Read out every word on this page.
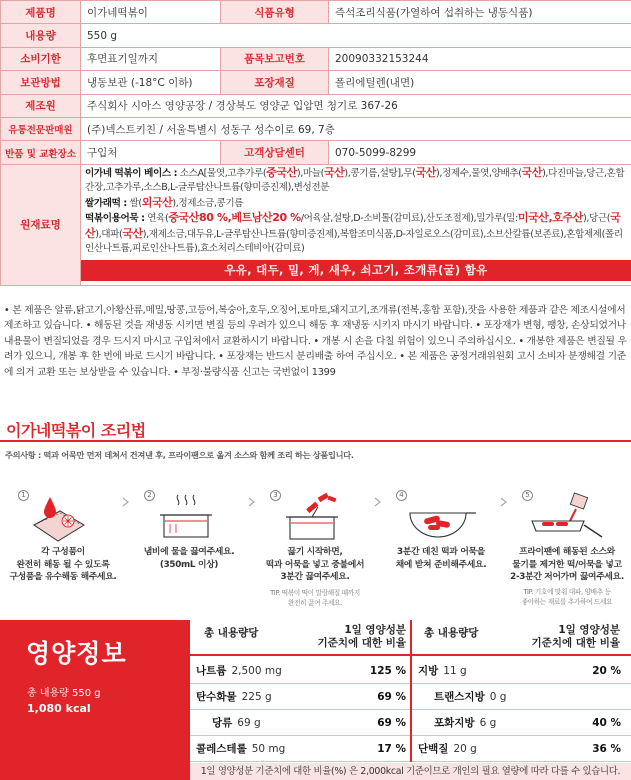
제품명	이가네떡볶이	식품유형	즉석조리식품(가열하여 섭취하는 냉동식품)
내용량	550 g		
소비기한	후면표기일까지	품목보고번호	20090332153244
보관방법	냉동보관 (-18°C 이하)	포장재질	폴리에틸렌(내면)
제조원	주식회사 시아스 영양공장 / 경상북도 영양군 입암면 청기로 367-26		
유통전문판매원	(주)넥스트키친 / 서울특별시 성동구 성수이로 69, 7층		
반품 및 교환장소	구입처	고객상담센터	070-5099-8299
원재료명	이가네 떡볶이 베이스 : 소스A[물엿,고추가루(중국산),마늘(국산),콩기름,설탕],무(국산),정제수,물엿,양배추(국산),다진마늘,당근,혼합간장,고추가루,소스B,L-글루탐산나트륨(향미증진제),변성전분
쌀가래떡 : 쌀(외국산),정제소금,콩기름
떡볶이용어묵 : 연육(중국산80 %,베트남산20 %/어육살,설탕,D-소비톨(감미료),산도조절제),밀가루(밀:미국산,호주산),당근(국산),대파(국산),재제소금,대두유,L-글루탐산나트륨(향미증진제),복합조미식품,D-자일로오스(감미료),소브산칼륨(보존료),혼합제제(폴리인산나트륨,피로인산나트륨),효소처리스테비아(감미료)
우유, 대두, 밀, 게, 새우, 쇠고기, 조개류(굴) 함유		
• 본 제품은 알류,닭고기,아황산류,메밀,땅콩,고등어,복숭아,호두,오징어,토마토,돼지고기,조개류(전복,홍합 포함),잣을 사용한 제품과 같은 제조시설에서 제조하고 있습니다. • 해동된 것을 재냉동 시키면 변질 등의 우려가 있으니 해동 후 재냉동 시키지 마시기 바랍니다. • 포장재가 변형, 팽창, 손상되었거나 내용물이 변질되었을 경우 드시지 마시고 구입처에서 교환하시기 바랍니다. • 개봉 시 손을 다칠 위험이 있으니 주의하십시오. • 개봉한 제품은 변질될 우려가 있으니, 개봉 후 한 번에 바로 드시기 바랍니다. • 포장재는 반드시 분리배출 하여 주십시오. • 본 제품은 공정거래위원회 고시 소비자 분쟁해결 기준에 의거 교환 또는 보상받을 수 있습니다. • 부정·불량식품 신고는 국번없이 1399
이가네떡볶이 조리법
주의사항 : 떡과 어묵만 먼저 데쳐서 건져낸 후, 프라이팬으로 옮겨 소스와 함께 조리 하는 상품입니다.
1
각 구성품이
완전히 해동 될 수 있도록
구성품을 유수해동 해주세요.
2
냄비에 물을 끓여주세요.
(350mL 이상)
3
끓기 시작하면,
떡과 어묵을 넣고 중불에서
3분간 끓여주세요.
TIP. 떡볶이 떡이 말랑해질 때까지
완전히 끓여 주세요.
4
3분간 데친 떡과 어묵을
채에 받쳐 준비해주세요.
5
프라이팬에 해동된 소스와
물기를 제거한 떡/어묵을 넣고
2-3분간 저어가며 끓여주세요.
TIP. 기호에 맞춰 대파, 양배추 등
좋아하는 재료를 추가하여 드세요
영양정보
총 내용량 550 g
1,080 kcal
총 내용량당	1일 영양성분
기준치에 대한 비율
총 내용량당	1일 영양성분
기준치에 대한 비율
나트륨 2,500 mg	125 %
탄수화물 225 g	69 %
당류 69 g	69 %
콜레스테롤 50 mg	17 %
지방 11 g	20 %
트랜스지방 0 g
포화지방 6 g	40 %
단백질 20 g	36 %
1일 영양성분 기준치에 대한 비율(%) 은 2,000kcal 기준이므로 개인의 필요 열량에 따라 다를 수 있습니다.
